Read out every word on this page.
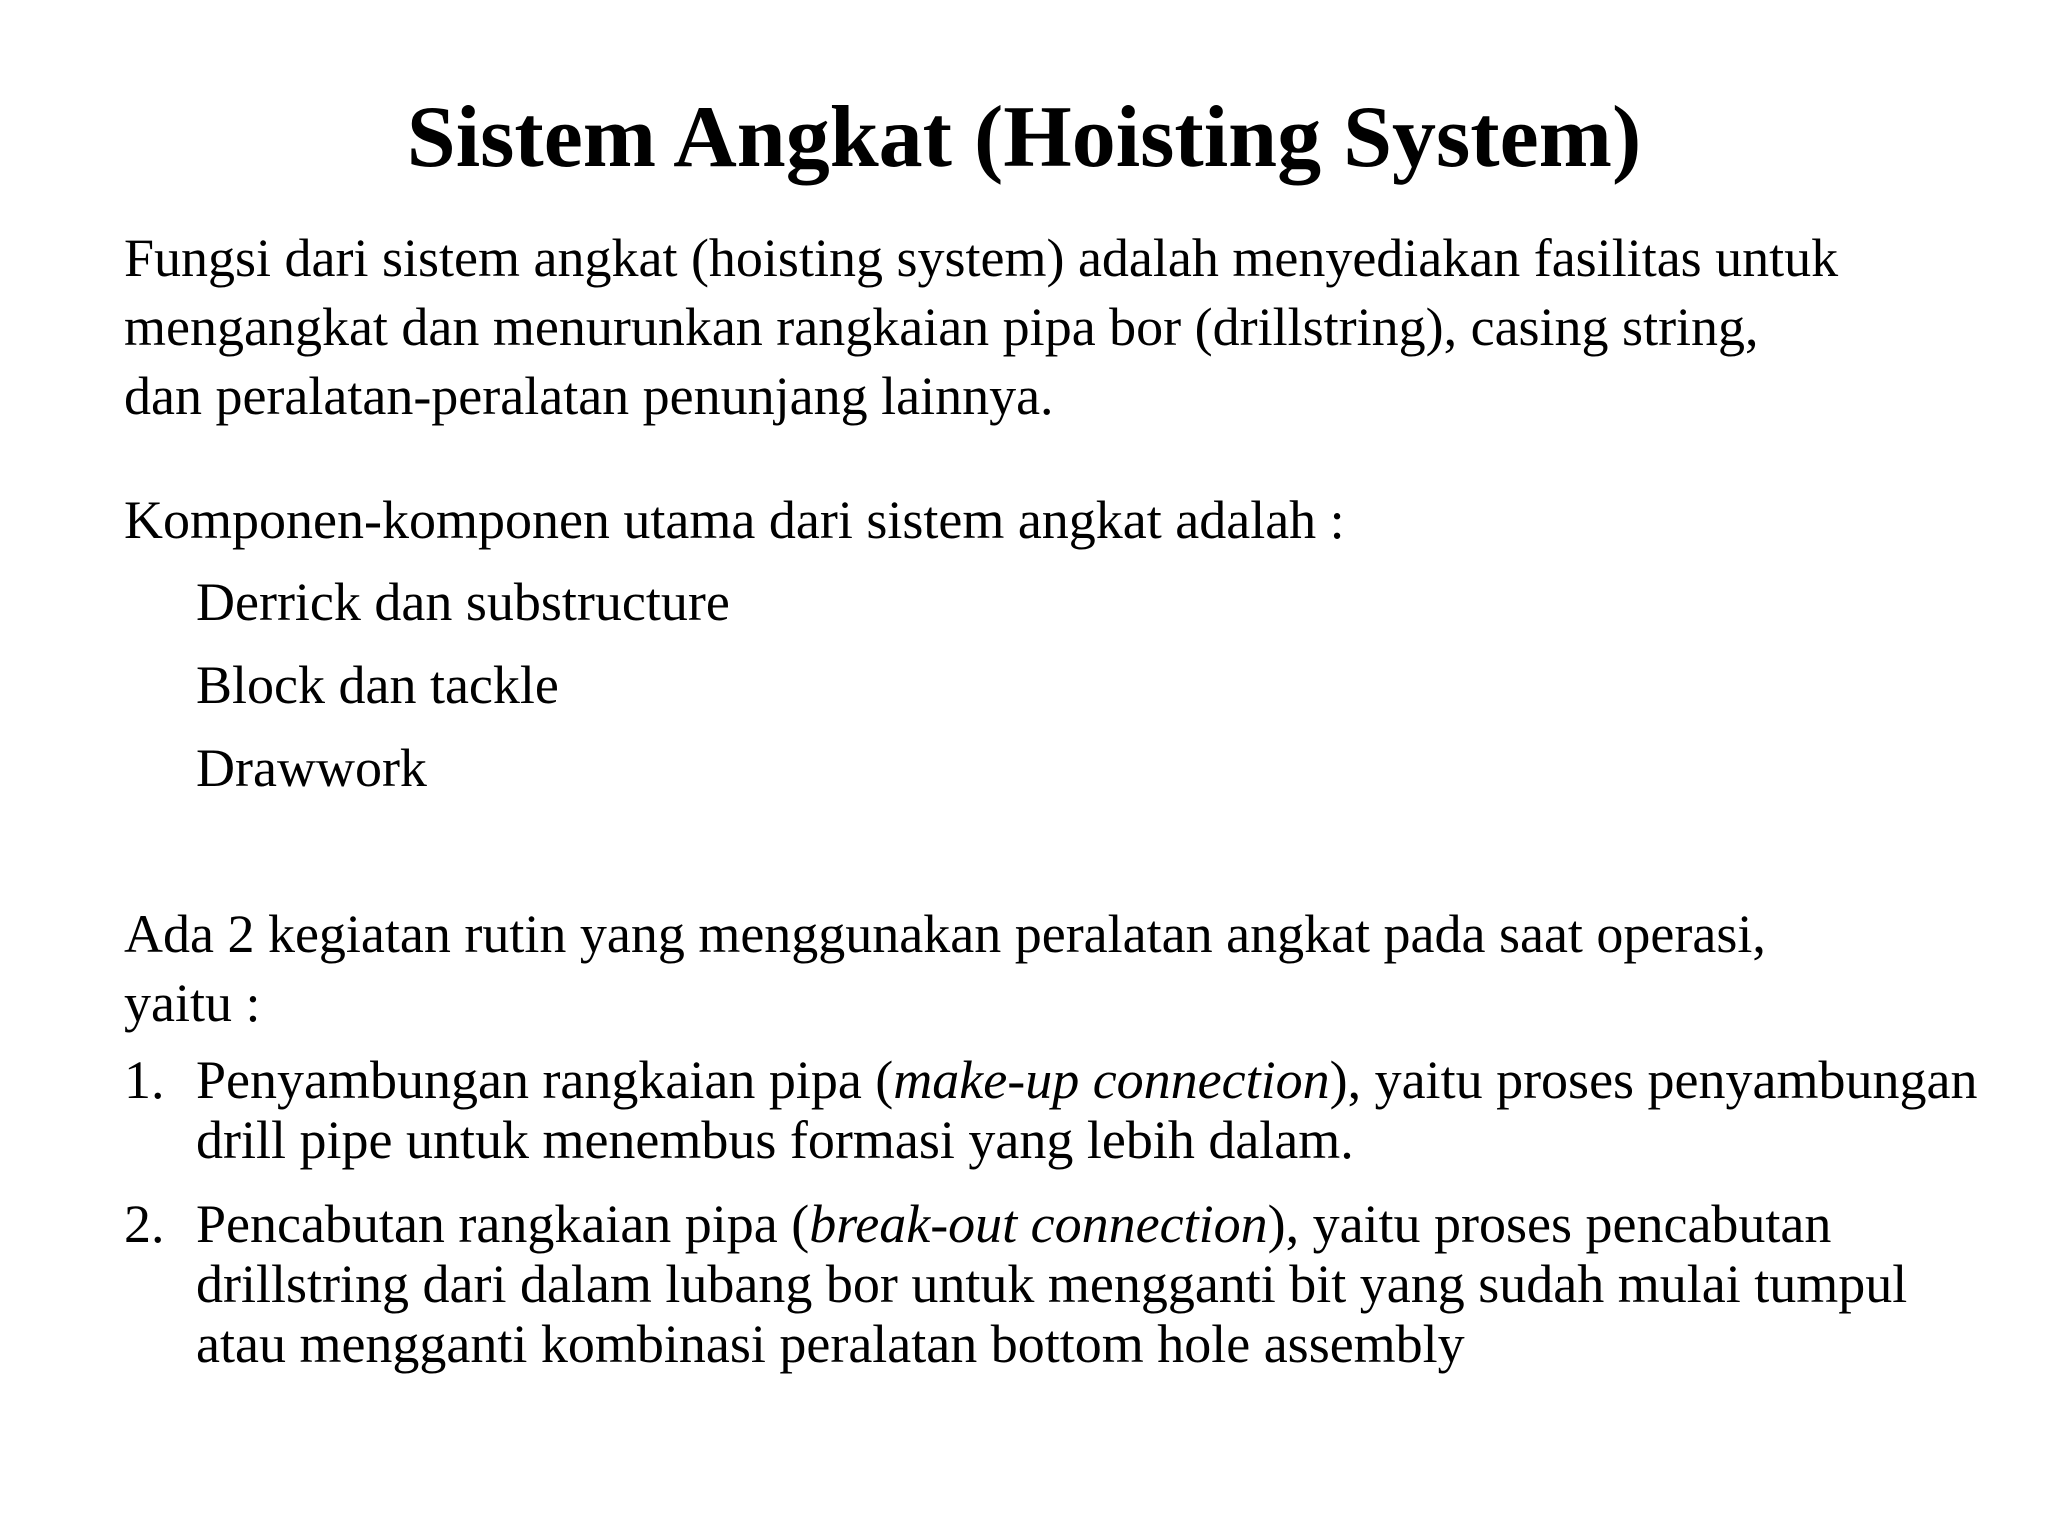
Sistem Angkat (Hoisting System)

Fungsi dari sistem angkat (hoisting system) adalah menyediakan fasilitas untuk
mengangkat dan menurunkan rangkaian pipa bor (drillstring), casing string,
dan peralatan-peralatan penunjang lainnya.

Komponen-komponen utama dari sistem angkat adalah :

Derrick dan substructure
Block dan tackle
Drawwork

Ada 2 kegiatan rutin yang menggunakan peralatan angkat pada saat operasi,
yaitu :

1. Penyambungan rangkaian pipa (make-up connection), yaitu proses penyambungan drill pipe untuk menembus formasi yang lebih dalam.
2. Pencabutan rangkaian pipa (break-out connection), yaitu proses pencabutan drillstring dari dalam lubang bor untuk mengganti bit yang sudah mulai tumpul atau mengganti kombinasi peralatan bottom hole assembly
